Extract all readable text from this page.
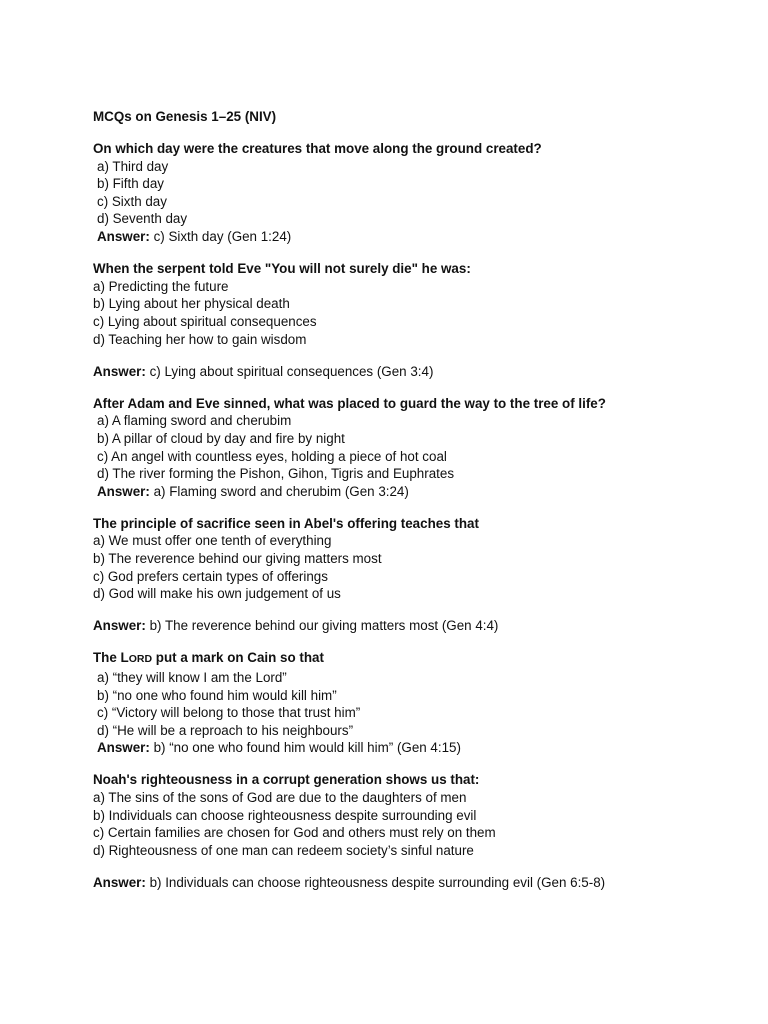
MCQs on Genesis 1–25 (NIV)
On which day were the creatures that move along the ground created?
a) Third day
b) Fifth day
c) Sixth day
d) Seventh day
Answer: c) Sixth day (Gen 1:24)
When the serpent told Eve "You will not surely die" he was:
a) Predicting the future
b) Lying about her physical death
c) Lying about spiritual consequences
d) Teaching her how to gain wisdom
Answer: c) Lying about spiritual consequences (Gen 3:4)
After Adam and Eve sinned, what was placed to guard the way to the tree of life?
a) A flaming sword and cherubim
b) A pillar of cloud by day and fire by night
c) An angel with countless eyes, holding a piece of hot coal
d) The river forming the Pishon, Gihon, Tigris and Euphrates
Answer: a) Flaming sword and cherubim (Gen 3:24)
The principle of sacrifice seen in Abel's offering teaches that
a) We must offer one tenth of everything
b) The reverence behind our giving matters most
c) God prefers certain types of offerings
d) God will make his own judgement of us
Answer: b) The reverence behind our giving matters most (Gen 4:4)
The LORD put a mark on Cain so that
a) “they will know I am the Lord”
b) “no one who found him would kill him”
c) “Victory will belong to those that trust him”
d) “He will be a reproach to his neighbours”
Answer: b) “no one who found him would kill him” (Gen 4:15)
Noah's righteousness in a corrupt generation shows us that:
a) The sins of the sons of God are due to the daughters of men
b) Individuals can choose righteousness despite surrounding evil
c) Certain families are chosen for God and others must rely on them
d) Righteousness of one man can redeem society’s sinful nature
Answer: b) Individuals can choose righteousness despite surrounding evil (Gen 6:5-8)
